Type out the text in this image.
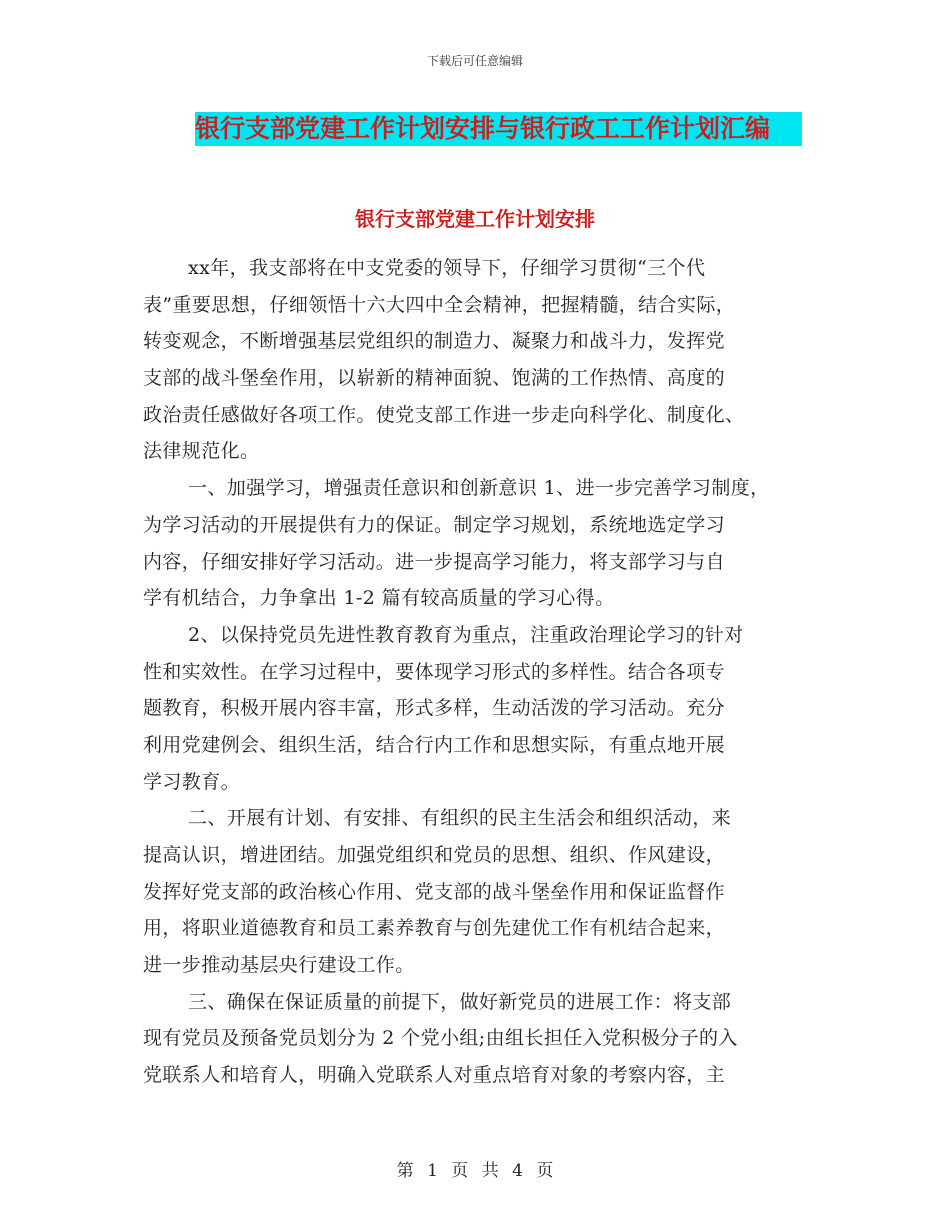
下载后可任意编辑
银行支部党建工作计划安排与银行政工工作计划汇编
银行支部党建工作计划安排
xx年，我支部将在中支党委的领导下，仔细学习贯彻“三个代
表”重要思想，仔细领悟十六大四中全会精神，把握精髓，结合实际，
转变观念，不断增强基层党组织的制造力、凝聚力和战斗力，发挥党
支部的战斗堡垒作用，以崭新的精神面貌、饱满的工作热情、高度的
政治责任感做好各项工作。使党支部工作进一步走向科学化、制度化、
法律规范化。
一、加强学习，增强责任意识和创新意识 1、进一步完善学习制度，
为学习活动的开展提供有力的保证。制定学习规划，系统地选定学习
内容，仔细安排好学习活动。进一步提高学习能力，将支部学习与自
学有机结合，力争拿出 1-2 篇有较高质量的学习心得。
2、以保持党员先进性教育教育为重点，注重政治理论学习的针对
性和实效性。在学习过程中，要体现学习形式的多样性。结合各项专
题教育，积极开展内容丰富，形式多样，生动活泼的学习活动。充分
利用党建例会、组织生活，结合行内工作和思想实际，有重点地开展
学习教育。
二、开展有计划、有安排、有组织的民主生活会和组织活动，来
提高认识，增进团结。加强党组织和党员的思想、组织、作风建设，
发挥好党支部的政治核心作用、党支部的战斗堡垒作用和保证监督作
用，将职业道德教育和员工素养教育与创先建优工作有机结合起来，
进一步推动基层央行建设工作。
三、确保在保证质量的前提下，做好新党员的进展工作：将支部
现有党员及预备党员划分为 2 个党小组;由组长担任入党积极分子的入
党联系人和培育人，明确入党联系人对重点培育对象的考察内容，主
第 1 页 共 4 页
